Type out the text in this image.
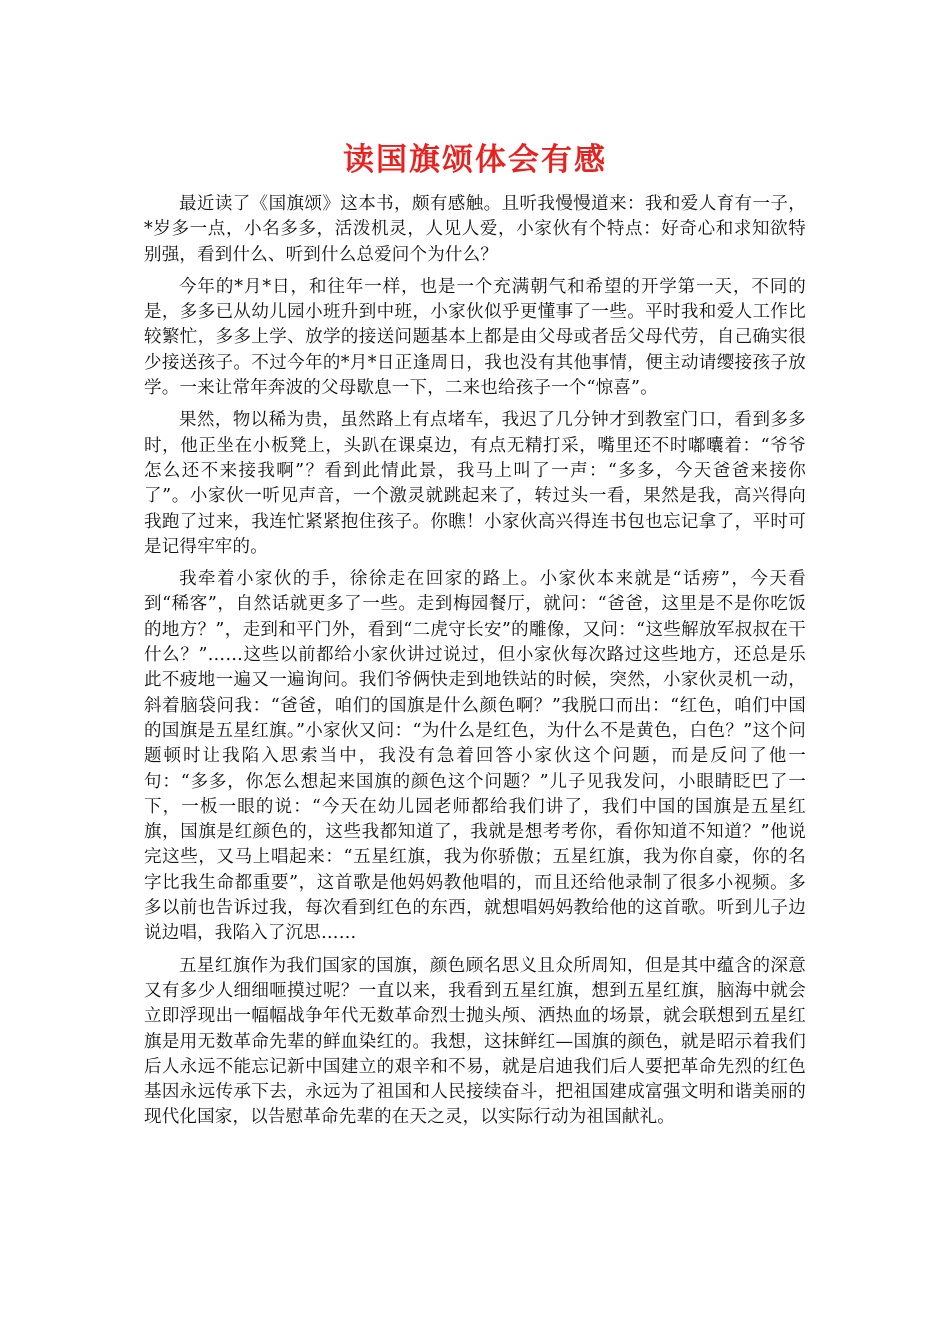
读国旗颂体会有感

最近读了《国旗颂》这本书，颇有感触。且听我慢慢道来：我和爱人育有一子，*岁多一点，小名多多，活泼机灵，人见人爱，小家伙有个特点：好奇心和求知欲特别强，看到什么、听到什么总爱问个为什么？

今年的*月*日，和往年一样，也是一个充满朝气和希望的开学第一天，不同的是，多多已从幼儿园小班升到中班，小家伙似乎更懂事了一些。平时我和爱人工作比较繁忙，多多上学、放学的接送问题基本上都是由父母或者岳父母代劳，自己确实很少接送孩子。不过今年的*月*日正逢周日，我也没有其他事情，便主动请缨接孩子放学。一来让常年奔波的父母歇息一下，二来也给孩子一个“惊喜”。

果然，物以稀为贵，虽然路上有点堵车，我迟了几分钟才到教室门口，看到多多时，他正坐在小板凳上，头趴在课桌边，有点无精打采，嘴里还不时嘟囔着：“爷爷怎么还不来接我啊”？看到此情此景，我马上叫了一声：“多多，今天爸爸来接你了”。小家伙一听见声音，一个激灵就跳起来了，转过头一看，果然是我，高兴得向我跑了过来，我连忙紧紧抱住孩子。你瞧！小家伙高兴得连书包也忘记拿了，平时可是记得牢牢的。

我牵着小家伙的手，徐徐走在回家的路上。小家伙本来就是“话痨”，今天看到“稀客”，自然话就更多了一些。走到梅园餐厅，就问：“爸爸，这里是不是你吃饭的地方？”，走到和平门外，看到“二虎守长安”的雕像，又问：“这些解放军叔叔在干什么？”……这些以前都给小家伙讲过说过，但小家伙每次路过这些地方，还总是乐此不疲地一遍又一遍询问。我们爷俩快走到地铁站的时候，突然，小家伙灵机一动，斜着脑袋问我：“爸爸，咱们的国旗是什么颜色啊？”我脱口而出：“红色，咱们中国的国旗是五星红旗。”小家伙又问：“为什么是红色，为什么不是黄色，白色？”这个问题顿时让我陷入思索当中，我没有急着回答小家伙这个问题，而是反问了他一句：“多多，你怎么想起来国旗的颜色这个问题？”儿子见我发问，小眼睛眨巴了一下，一板一眼的说：“今天在幼儿园老师都给我们讲了，我们中国的国旗是五星红旗，国旗是红颜色的，这些我都知道了，我就是想考考你，看你知道不知道？”他说完这些，又马上唱起来：“五星红旗，我为你骄傲；五星红旗，我为你自豪，你的名字比我生命都重要”，这首歌是他妈妈教他唱的，而且还给他录制了很多小视频。多多以前也告诉过我，每次看到红色的东西，就想唱妈妈教给他的这首歌。听到儿子边说边唱，我陷入了沉思……

五星红旗作为我们国家的国旗，颜色顾名思义且众所周知，但是其中蕴含的深意又有多少人细细咂摸过呢？一直以来，我看到五星红旗，想到五星红旗，脑海中就会立即浮现出一幅幅战争年代无数革命烈士抛头颅、洒热血的场景，就会联想到五星红旗是用无数革命先辈的鲜血染红的。我想，这抹鲜红—国旗的颜色，就是昭示着我们后人永远不能忘记新中国建立的艰辛和不易，就是启迪我们后人要把革命先烈的红色基因永远传承下去，永远为了祖国和人民接续奋斗，把祖国建成富强文明和谐美丽的现代化国家，以告慰革命先辈的在天之灵，以实际行动为祖国献礼。
